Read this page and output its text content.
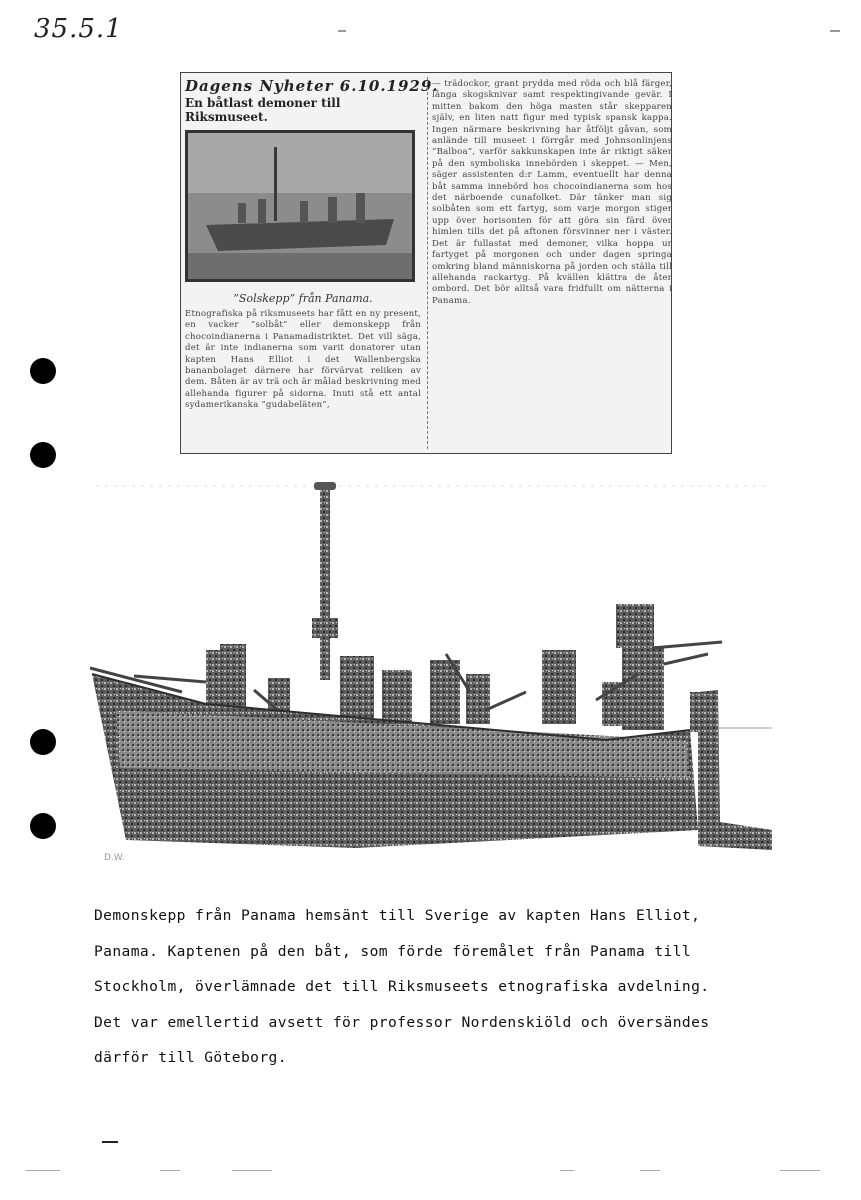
35.5.1
Dagens Nyheter 6.10.1929.
En båtlast demoner till Riksmuseet.
”Solskepp” från Panama.

Etnografiska på riksmuseets har fått en ny present, en vacker ”solbåt” eller demonskepp från chocoindianerna i Panamadistriktet. Det vill säga, det är inte indianerna som varit donatorer utan kapten Hans Elliot i det Wallenbergska bananbolaget därnere har förvärvat reliken av dem. Båten är av trä och är målad beskrivning med allehanda figurer på sidorna. Inuti stå ett antal sydamerikanska ”gudabeläten”,

— trädockor, grant prydda med röda och blå färger, långa skogsknivar samt respektingivande gevär. I mitten bakom den höga masten står skepparen själv, en liten natt figur med typisk spansk kappa. Ingen närmare beskrivning har åtföljt gåvan, som anlände till museet i förrgår med Johnsonlinjens ”Balboa”, varför sakkunskapen inte är riktigt säker på den symboliska innebörden i skeppet. — Men, säger assistenten d:r Lamm, eventuellt har denna båt samma innebörd hos chocoindianerna som hos det närboende cunafolket. Där tänker man sig solbåten som ett fartyg, som varje morgon stiger upp över horisonten för att göra sin färd över himlen tills det på aftonen försvinner ner i väster. Det är fullastat med demoner, vilka hoppa ur fartyget på morgonen och under dagen springa omkring bland människorna på jorden och ställa till allehanda rackartyg. På kvällen klättra de åter ombord. Det bör alltså vara fridfullt om nätterna i Panama.

D.W.
Demonskepp från Panama hemsänt till Sverige av kapten Hans Elliot,
Panama. Kaptenen på den båt, som förde föremålet från Panama till
Stockholm, överlämnade det till Riksmuseets etnografiska avdelning.
Det var emellertid avsett för professor Nordenskiöld och översändes
därför till Göteborg.
